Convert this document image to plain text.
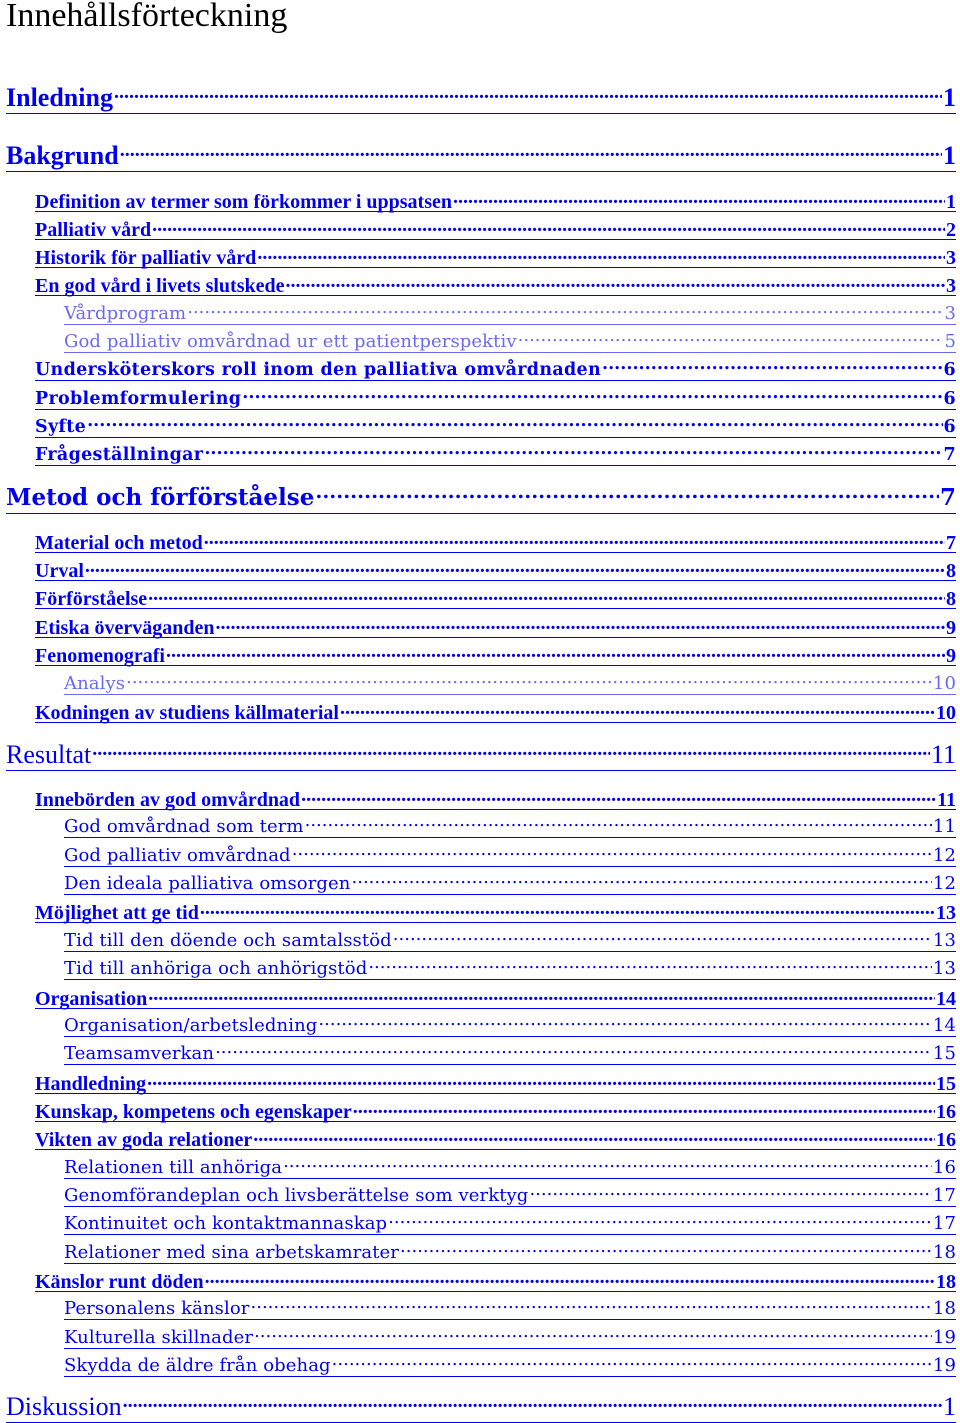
Innehållsförteckning
Inledning .....	1
Bakgrund .....	1
Definition av termer som förkommer i uppsatsen .....	1
Palliativ vård .....	2
Historik för palliativ vård .....	3
En god vård i livets slutskede .....	3
Vårdprogram .....	3
God palliativ omvårdnad ur ett patientperspektiv .....	5
Undersköterskors roll inom den palliativa omvårdnaden .....	6
Problemformulering .....	6
Syfte .....	6
Frågeställningar .....	7
Metod och förförståelse .....	7
Material och metod .....	7
Urval .....	8
Förförståelse .....	8
Etiska överväganden .....	9
Fenomenografi .....	9
Analys .....	10
Kodningen av studiens källmaterial .....	10
Resultat .....	11
Innebörden av god omvårdnad .....	11
God omvårdnad som term .....	11
God palliativ omvårdnad .....	12
Den ideala palliativa omsorgen .....	12
Möjlighet att ge tid .....	13
Tid till den döende och samtalsstöd .....	13
Tid till anhöriga och anhörigstöd .....	13
Organisation .....	14
Organisation/arbetsledning .....	14
Teamsamverkan .....	15
Handledning .....	15
Kunskap, kompetens och egenskaper .....	16
Vikten av goda relationer .....	16
Relationen till anhöriga .....	16
Genomförandeplan och livsberättelse som verktyg .....	17
Kontinuitet och kontaktmannaskap .....	17
Relationer med sina arbetskamrater .....	18
Känslor runt döden .....	18
Personalens känslor .....	18
Kulturella skillnader .....	19
Skydda de äldre från obehag .....	19
Diskussion .....	1
